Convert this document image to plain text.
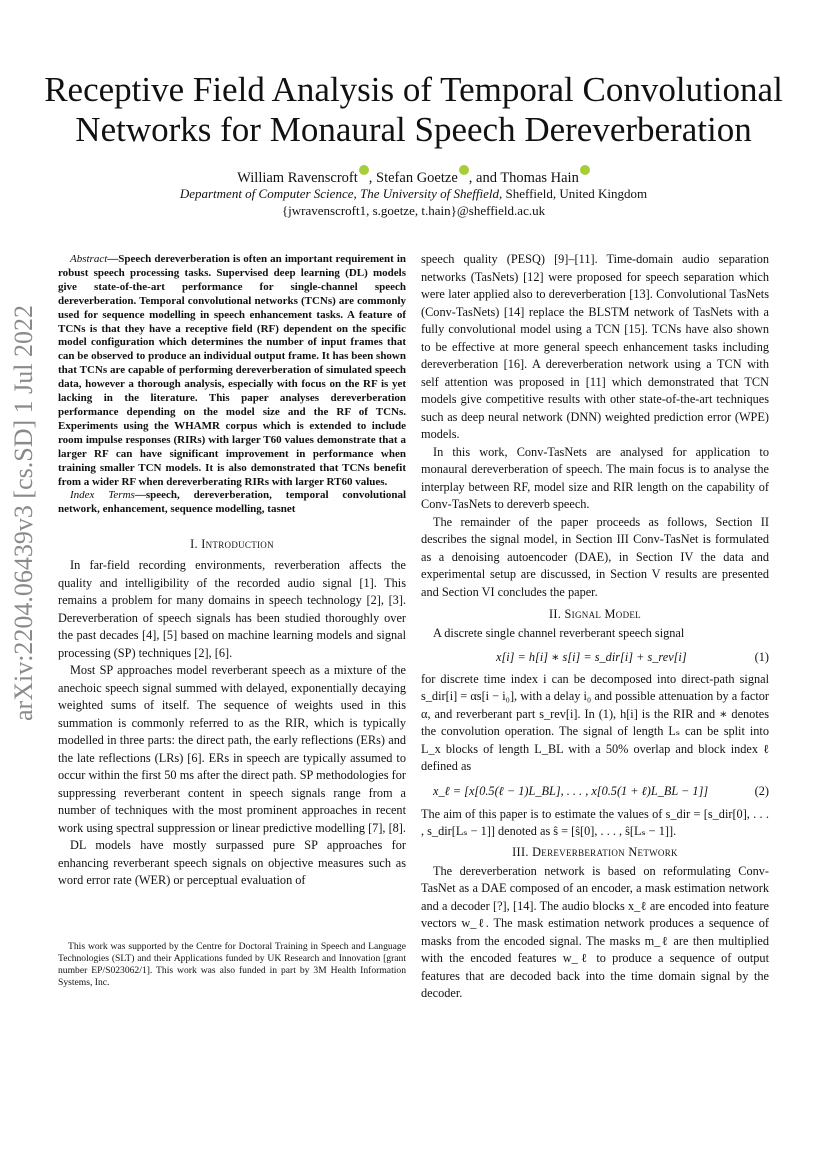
arXiv:2204.06439v3 [cs.SD] 1 Jul 2022
Receptive Field Analysis of Temporal Convolutional
Networks for Monaural Speech Dereverberation
William Ravenscroft , Stefan Goetze , and Thomas Hain
Department of Computer Science, The University of Sheffield, Sheffield, United Kingdom
{jwravenscroft1, s.goetze, t.hain}@sheffield.ac.uk

Abstract—Speech dereverberation is often an important requirement in robust speech processing tasks. Supervised deep learning (DL) models give state-of-the-art performance for single-channel speech dereverberation. Temporal convolutional networks (TCNs) are commonly used for sequence modelling in speech enhancement tasks. A feature of TCNs is that they have a receptive field (RF) dependent on the specific model configuration which determines the number of input frames that can be observed to produce an individual output frame. It has been shown that TCNs are capable of performing dereverberation of simulated speech data, however a thorough analysis, especially with focus on the RF is yet lacking in the literature. This paper analyses dereverberation performance depending on the model size and the RF of TCNs. Experiments using the WHAMR corpus which is extended to include room impulse responses (RIRs) with larger T60 values demonstrate that a larger RF can have significant improvement in performance when training smaller TCN models. It is also demonstrated that TCNs benefit from a wider RF when dereverberating RIRs with larger RT60 values.

Index Terms—speech, dereverberation, temporal convolutional network, enhancement, sequence modelling, tasnet

I. Introduction

In far-field recording environments, reverberation affects the quality and intelligibility of the recorded audio signal [1]. This remains a problem for many domains in speech technology [2], [3]. Dereverberation of speech signals has been studied thoroughly over the past decades [4], [5] based on machine learning models and signal processing (SP) techniques [2], [6].

Most SP approaches model reverberant speech as a mixture of the anechoic speech signal summed with delayed, exponentially decaying weighted sums of itself. The sequence of weights used in this summation is commonly referred to as the RIR, which is typically modelled in three parts: the direct path, the early reflections (ERs) and the late reflections (LRs) [6]. ERs in speech are typically assumed to occur within the first 50 ms after the direct path. SP methodologies for suppressing reverberant content in speech signals range from a number of techniques with the most prominent approaches in recent work using spectral suppression or linear predictive modelling [7], [8].

DL models have mostly surpassed pure SP approaches for enhancing reverberant speech signals on objective measures such as word error rate (WER) or perceptual evaluation of

This work was supported by the Centre for Doctoral Training in Speech and Language Technologies (SLT) and their Applications funded by UK Research and Innovation [grant number EP/S023062/1]. This work was also funded in part by 3M Health Information Systems, Inc.

speech quality (PESQ) [9]–[11]. Time-domain audio separation networks (TasNets) [12] were proposed for speech separation which were later applied also to dereverberation [13]. Convolutional TasNets (Conv-TasNets) [14] replace the BLSTM network of TasNets with a fully convolutional model using a TCN [15]. TCNs have also shown to be effective at more general speech enhancement tasks including dereverberation [16]. A dereverberation network using a TCN with self attention was proposed in [11] which demonstrated that TCN models give competitive results with other state-of-the-art techniques such as deep neural network (DNN) weighted prediction error (WPE) models.

In this work, Conv-TasNets are analysed for application to monaural dereverberation of speech. The main focus is to analyse the interplay between RF, model size and RIR length on the capability of Conv-TasNets to dereverb speech.

The remainder of the paper proceeds as follows, Section II describes the signal model, in Section III Conv-TasNet is formulated as a denoising autoencoder (DAE), in Section IV the data and experimental setup are discussed, in Section V results are presented and Section VI concludes the paper.

II. Signal Model

A discrete single channel reverberant speech signal

x[i] = h[i] ∗ s[i] = s_dir[i] + s_rev[i]	(1)

for discrete time index i can be decomposed into direct-path signal s_dir[i] = αs[i − i₀], with a delay i₀ and possible attenuation by a factor α, and reverberant part s_rev[i]. In (1), h[i] is the RIR and ∗ denotes the convolution operation. The signal of length Lₛ can be split into L_x blocks of length L_BL with a 50% overlap and block index ℓ defined as

x_ℓ = [x[0.5(ℓ − 1)L_BL], . . . , x[0.5(1 + ℓ)L_BL − 1]]	(2)

The aim of this paper is to estimate the values of s_dir = [s_dir[0], . . . , s_dir[Lₛ − 1]] denoted as ŝ = [ŝ[0], . . . , ŝ[Lₛ − 1]].

III. Dereverberation Network

The dereverberation network is based on reformulating Conv-TasNet as a DAE composed of an encoder, a mask estimation network and a decoder [?], [14]. The audio blocks x_ℓ are encoded into feature vectors w_ℓ. The mask estimation network produces a sequence of masks from the encoded signal. The masks m_ℓ are then multiplied with the encoded features w_ℓ to produce a sequence of output features that are decoded back into the time domain signal by the decoder.
